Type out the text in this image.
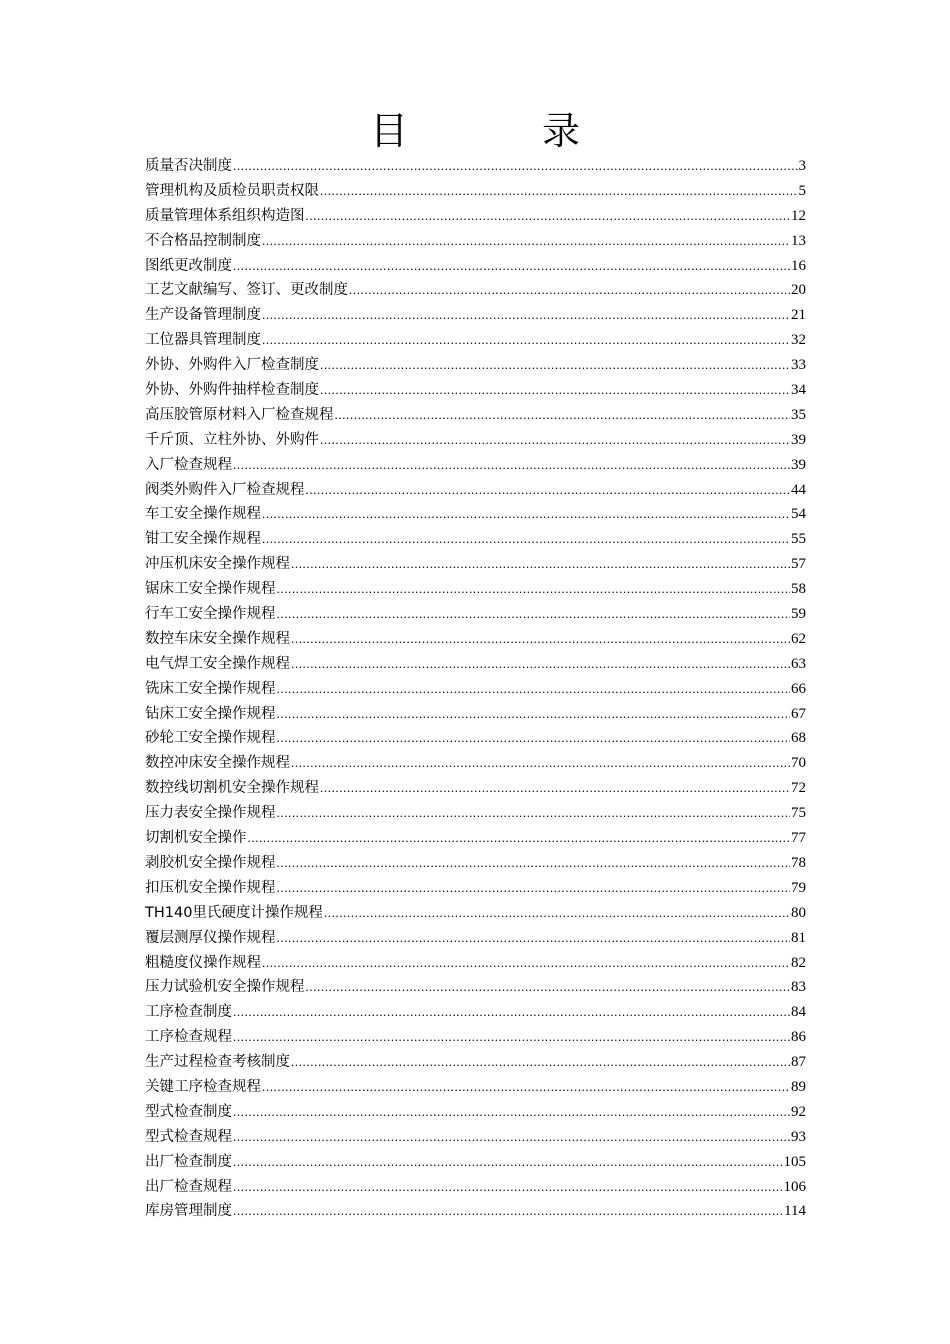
目　录
质量否决制度 .....	3
管理机构及质检员职责权限 .....	5
质量管理体系组织构造图 .....	12
不合格品控制制度 .....	13
图纸更改制度 .....	16
工艺文献编写、签订、更改制度 .....	20
生产设备管理制度 .....	21
工位器具管理制度 .....	32
外协、外购件入厂检查制度 .....	33
外协、外购件抽样检查制度 .....	34
高压胶管原材料入厂检查规程 .....	35
千斤顶、立柱外协、外购件 .....	39
入厂检查规程 .....	39
阀类外购件入厂检查规程 .....	44
车工安全操作规程 .....	54
钳工安全操作规程 .....	55
冲压机床安全操作规程 .....	57
锯床工安全操作规程 .....	58
行车工安全操作规程 .....	59
数控车床安全操作规程 .....	62
电气焊工安全操作规程 .....	63
铣床工安全操作规程 .....	66
钻床工安全操作规程 .....	67
砂轮工安全操作规程 .....	68
数控冲床安全操作规程 .....	70
数控线切割机安全操作规程 .....	72
压力表安全操作规程 .....	75
切割机安全操作 .....	77
剥胶机安全操作规程 .....	78
扣压机安全操作规程 .....	79
TH140里氏硬度计操作规程 .....	80
覆层测厚仪操作规程 .....	81
粗糙度仪操作规程 .....	82
压力试验机安全操作规程 .....	83
工序检查制度 .....	84
工序检查规程 .....	86
生产过程检查考核制度 .....	87
关键工序检查规程 .....	89
型式检查制度 .....	92
型式检查规程 .....	93
出厂检查制度 .....	105
出厂检查规程 .....	106
库房管理制度 .....	114
